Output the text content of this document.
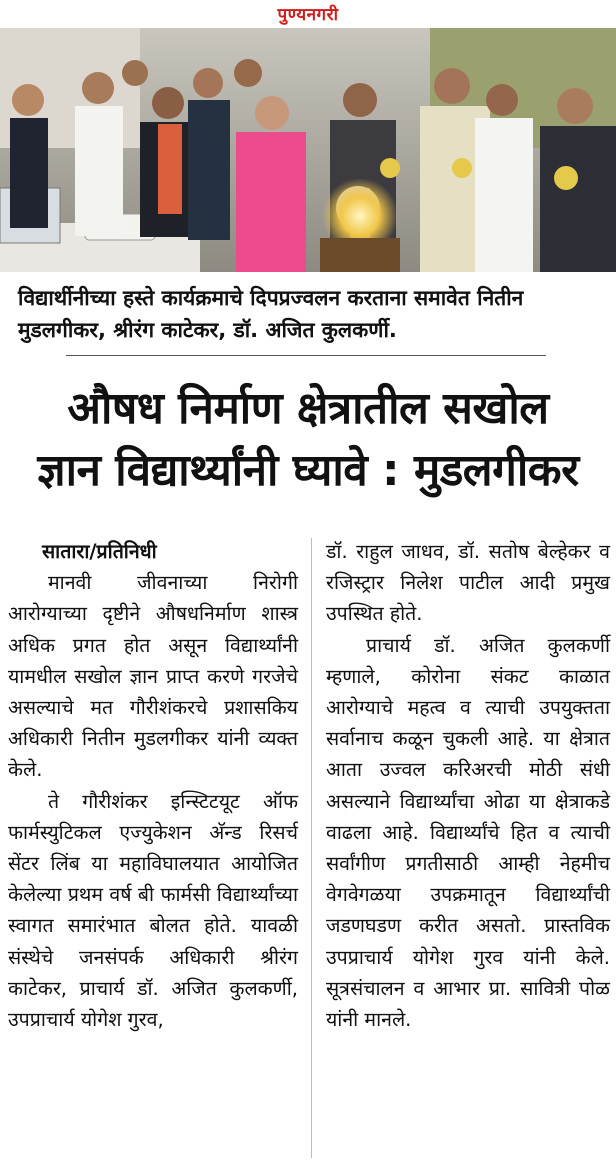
पुण्यनगरी
विद्यार्थीनीच्या हस्ते कार्यक्रमाचे दिपप्रज्वलन करताना समावेत नितीन मुडलगीकर, श्रीरंग काटेकर, डॉ. अजित कुलकर्णी.
औषध निर्माण क्षेत्रातील सखोल
ज्ञान विद्यार्थ्यांनी घ्यावे : मुडलगीकर
सातारा/प्रतिनिधी

मानवी जीवनाच्या निरोगी आरोग्याच्या दृष्टीने औषधनिर्माण शास्त्र अधिक प्रगत होत असून विद्यार्थ्यांनी यामधील सखोल ज्ञान प्राप्त करणे गरजेचे असल्याचे मत गौरीशंकरचे प्रशासकिय अधिकारी नितीन मुडलगीकर यांनी व्यक्त केले.

ते गौरीशंकर इन्स्टिटयूट ऑफ फार्मस्युटिकल एज्युकेशन अ‍ॅन्ड रिसर्च सेंटर लिंब या महाविघालयात आयोजित केलेल्या प्रथम वर्ष बी फार्मसी विद्यार्थ्यांच्या स्वागत समारंभात बोलत होते. यावळी संस्थेचे जनसंपर्क अधिकारी श्रीरंग काटेकर, प्राचार्य डॉ. अजित कुलकर्णी, उपप्राचार्य योगेश गुरव,

डॉ. राहुल जाधव, डॉ. सतोष बेल्हेकर व रजिस्ट्रार निलेश पाटील आदी प्रमुख उपस्थित होते.

प्राचार्य डॉ. अजित कुलकर्णी म्हणाले, कोरोना संकट काळात आरोग्याचे महत्व व त्याची उपयुक्तता सर्वानाच कळून चुकली आहे. या क्षेत्रात आता उज्वल करिअरची मोठी संधी असल्याने विद्यार्थ्यांचा ओढा या क्षेत्राकडे वाढला आहे. विद्यार्थ्यांचे हित व त्याची सर्वांगीण प्रगतीसाठी आम्ही नेहमीच वेगवेगळया उपक्रमातून विद्यार्थ्यांची जडणघडण करीत असतो. प्रास्तविक उपप्राचार्य योगेश गुरव यांनी केले. सूत्रसंचालन व आभार प्रा. सावित्री पोळ यांनी मानले.
